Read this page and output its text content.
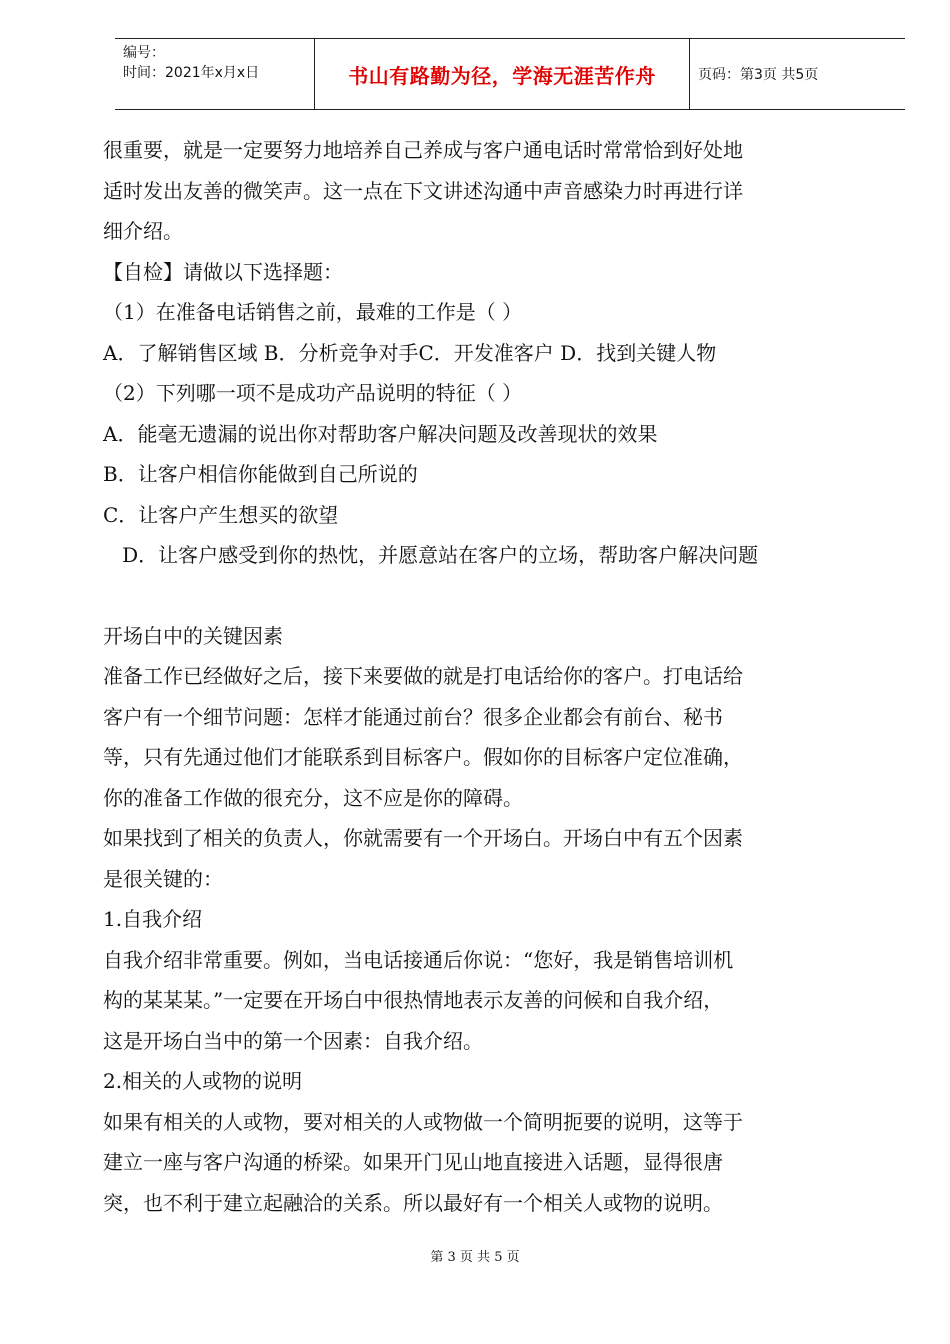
编号：
时间：2021年x月x日	书山有路勤为径，学海无涯苦作舟	页码：第3页 共5页

很重要，就是一定要努力地培养自己养成与客户通电话时常常恰到好处地

适时发出友善的微笑声。这一点在下文讲述沟通中声音感染力时再进行详

细介绍。

【自检】请做以下选择题：

（1）在准备电话销售之前，最难的工作是（ ）

A．了解销售区域 B．分析竞争对手C．开发准客户 D．找到关键人物

（2）下列哪一项不是成功产品说明的特征（ ）

A．能毫无遗漏的说出你对帮助客户解决问题及改善现状的效果

B．让客户相信你能做到自己所说的

C．让客户产生想买的欲望

D．让客户感受到你的热忱，并愿意站在客户的立场，帮助客户解决问题

开场白中的关键因素

准备工作已经做好之后，接下来要做的就是打电话给你的客户。打电话给

客户有一个细节问题：怎样才能通过前台？很多企业都会有前台、秘书

等，只有先通过他们才能联系到目标客户。假如你的目标客户定位准确，

你的准备工作做的很充分，这不应是你的障碍。

如果找到了相关的负责人，你就需要有一个开场白。开场白中有五个因素

是很关键的：

1.自我介绍

自我介绍非常重要。例如，当电话接通后你说：“您好，我是销售培训机

构的某某某。”一定要在开场白中很热情地表示友善的问候和自我介绍，

这是开场白当中的第一个因素：自我介绍。

2.相关的人或物的说明

如果有相关的人或物，要对相关的人或物做一个简明扼要的说明，这等于

建立一座与客户沟通的桥梁。如果开门见山地直接进入话题，显得很唐

突，也不利于建立起融洽的关系。所以最好有一个相关人或物的说明。

第 3 页 共 5 页
